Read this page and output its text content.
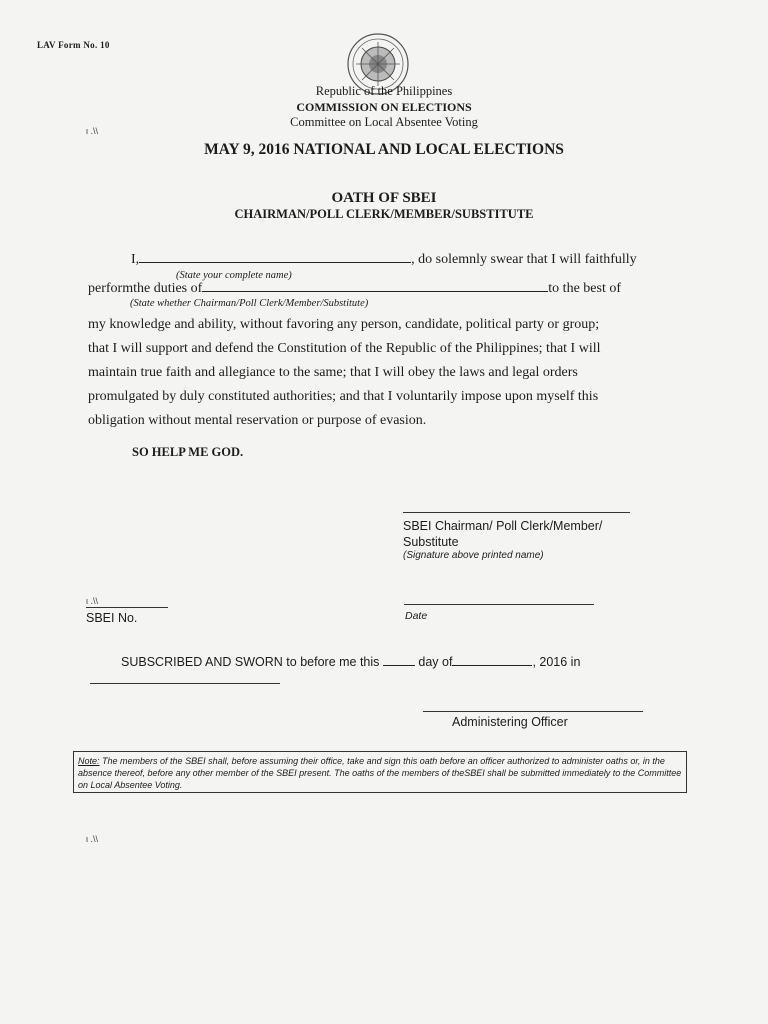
LAV Form No. 10
Republic of the Philippines
COMMISSION ON ELECTIONS
Committee on Local Absentee Voting
ι .\\
MAY 9, 2016 NATIONAL AND LOCAL ELECTIONS
OATH OF SBEI
CHAIRMAN/POLL CLERK/MEMBER/SUBSTITUTE
I,	, do solemnly swear that I will faithfully
(State your complete name)
performthe duties of	to the best of
(State whether Chairman/Poll Clerk/Member/Substitute)
my knowledge and ability, without favoring any person, candidate, political party or group;
that I will support and defend the Constitution of the Republic of the Philippines; that I will
maintain true faith and allegiance to the same; that I will obey the laws and legal orders
promulgated by duly constituted authorities; and that I voluntarily impose upon myself this
obligation without mental reservation or purpose of evasion.
SO HELP ME GOD.
SBEI Chairman/ Poll Clerk/Member/
Substitute
(Signature above printed name)
ι .\\
SBEI No.	Date
SUBSCRIBED AND SWORN to before me this	day of	, 2016 in
Administering Officer
Note: The members of the SBEI shall, before assuming their office, take and sign this oath before an officer authorized to administer oaths or, in the absence thereof, before any other member of the SBEI present. The oaths of the members of theSBEI shall be submitted immediately to the Committee on Local Absentee Voting.
ι .\\
